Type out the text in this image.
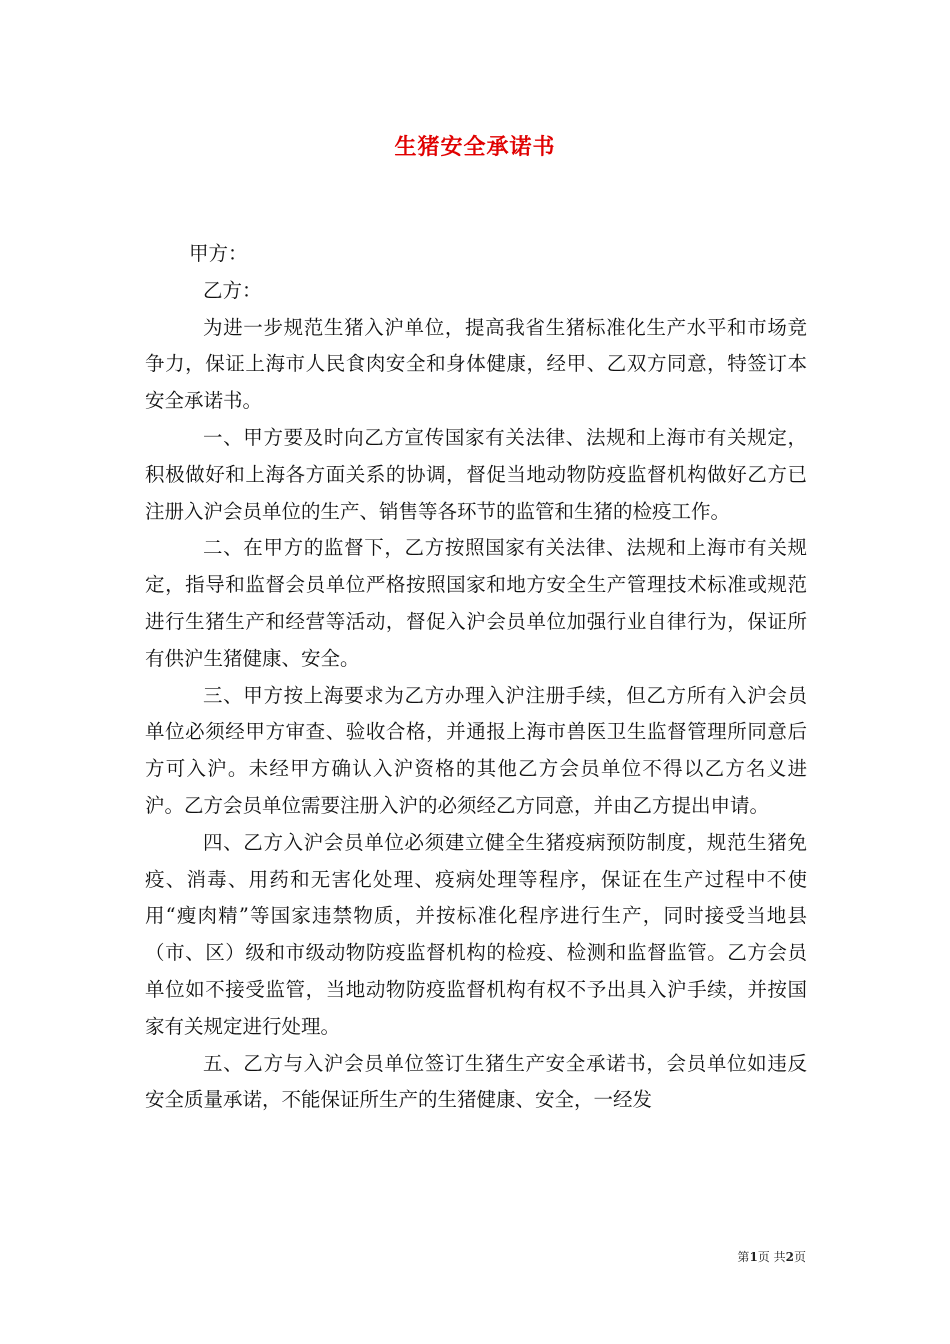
生猪安全承诺书

甲方：

乙方：

为进一步规范生猪入沪单位，提高我省生猪标准化生产水平和市场竞争力，保证上海市人民食肉安全和身体健康，经甲、乙双方同意，特签订本安全承诺书。

一、甲方要及时向乙方宣传国家有关法律、法规和上海市有关规定，积极做好和上海各方面关系的协调，督促当地动物防疫监督机构做好乙方已注册入沪会员单位的生产、销售等各环节的监管和生猪的检疫工作。

二、在甲方的监督下，乙方按照国家有关法律、法规和上海市有关规定，指导和监督会员单位严格按照国家和地方安全生产管理技术标准或规范进行生猪生产和经营等活动，督促入沪会员单位加强行业自律行为，保证所有供沪生猪健康、安全。

三、甲方按上海要求为乙方办理入沪注册手续，但乙方所有入沪会员单位必须经甲方审查、验收合格，并通报上海市兽医卫生监督管理所同意后方可入沪。未经甲方确认入沪资格的其他乙方会员单位不得以乙方名义进沪。乙方会员单位需要注册入沪的必须经乙方同意，并由乙方提出申请。

四、乙方入沪会员单位必须建立健全生猪疫病预防制度，规范生猪免疫、消毒、用药和无害化处理、疫病处理等程序，保证在生产过程中不使用“瘦肉精”等国家违禁物质，并按标准化程序进行生产，同时接受当地县（市、区）级和市级动物防疫监督机构的检疫、检测和监督监管。乙方会员单位如不接受监管，当地动物防疫监督机构有权不予出具入沪手续，并按国家有关规定进行处理。

五、乙方与入沪会员单位签订生猪生产安全承诺书，会员单位如违反安全质量承诺，不能保证所生产的生猪健康、安全，一经发

第1页 共2页
